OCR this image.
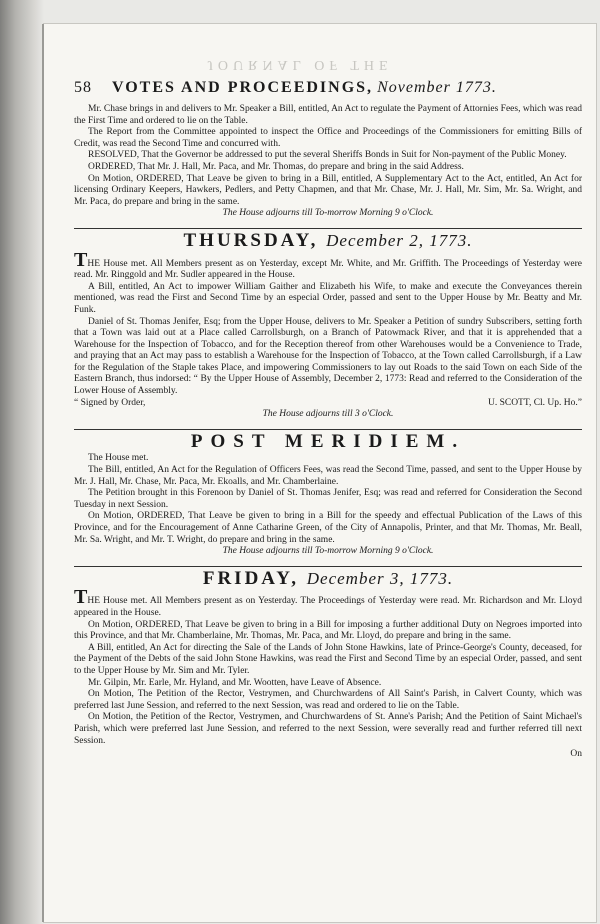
JOURNAL OF THE
58	VOTES AND PROCEEDINGS, November 1773.

Mr. Chase brings in and delivers to Mr. Speaker a Bill, entitled, An Act to regulate the Payment of Attornies Fees, which was read the First Time and ordered to lie on the Table.

The Report from the Committee appointed to inspect the Office and Proceedings of the Commissioners for emitting Bills of Credit, was read the Second Time and concurred with.

RESOLVED, That the Governor be addressed to put the several Sheriffs Bonds in Suit for Non-payment of the Public Money.

ORDERED, That Mr. J. Hall, Mr. Paca, and Mr. Thomas, do prepare and bring in the said Address.

On Motion, ORDERED, That Leave be given to bring in a Bill, entitled, A Supplementary Act to the Act, entitled, An Act for licensing Ordinary Keepers, Hawkers, Pedlers, and Petty Chapmen, and that Mr. Chase, Mr. J. Hall, Mr. Sim, Mr. Sa. Wright, and Mr. Paca, do prepare and bring in the same.

The House adjourns till To-morrow Morning 9 o'Clock.

THURSDAY, December 2, 1773.

THE House met. All Members present as on Yesterday, except Mr. White, and Mr. Griffith. The Proceedings of Yesterday were read. Mr. Ringgold and Mr. Sudler appeared in the House.

A Bill, entitled, An Act to impower William Gaither and Elizabeth his Wife, to make and execute the Conveyances therein mentioned, was read the First and Second Time by an especial Order, passed and sent to the Upper House by Mr. Beatty and Mr. Funk.

Daniel of St. Thomas Jenifer, Esq; from the Upper House, delivers to Mr. Speaker a Petition of sundry Subscribers, setting forth that a Town was laid out at a Place called Carrollsburgh, on a Branch of Patowmack River, and that it is apprehended that a Warehouse for the Inspection of Tobacco, and for the Reception thereof from other Warehouses would be a Convenience to Trade, and praying that an Act may pass to establish a Warehouse for the Inspection of Tobacco, at the Town called Carrollsburgh, if a Law for the Regulation of the Staple takes Place, and impowering Commissioners to lay out Roads to the said Town on each Side of the Eastern Branch, thus indorsed: “ By the Upper House of Assembly, December 2, 1773: Read and referred to the Consideration of the Lower House of Assembly.

“ Signed by Order,	U. SCOTT, Cl. Up. Ho.”

The House adjourns till 3 o'Clock.

POST MERIDIEM.

The House met.

The Bill, entitled, An Act for the Regulation of Officers Fees, was read the Second Time, passed, and sent to the Upper House by Mr. J. Hall, Mr. Chase, Mr. Paca, Mr. Ekoalls, and Mr. Chamberlaine.

The Petition brought in this Forenoon by Daniel of St. Thomas Jenifer, Esq; was read and referred for Consideration the Second Tuesday in next Session.

On Motion, ORDERED, That Leave be given to bring in a Bill for the speedy and effectual Publication of the Laws of this Province, and for the Encouragement of Anne Catharine Green, of the City of Annapolis, Printer, and that Mr. Thomas, Mr. Beall, Mr. Sa. Wright, and Mr. T. Wright, do prepare and bring in the same.

The House adjourns till To-morrow Morning 9 o'Clock.

FRIDAY, December 3, 1773.

THE House met. All Members present as on Yesterday. The Proceedings of Yesterday were read. Mr. Richardson and Mr. Lloyd appeared in the House.

On Motion, ORDERED, That Leave be given to bring in a Bill for imposing a further additional Duty on Negroes imported into this Province, and that Mr. Chamberlaine, Mr. Thomas, Mr. Paca, and Mr. Lloyd, do prepare and bring in the same.

A Bill, entitled, An Act for directing the Sale of the Lands of John Stone Hawkins, late of Prince-George's County, deceased, for the Payment of the Debts of the said John Stone Hawkins, was read the First and Second Time by an especial Order, passed, and sent to the Upper House by Mr. Sim and Mr. Tyler.

Mr. Gilpin, Mr. Earle, Mr. Hyland, and Mr. Wootten, have Leave of Absence.

On Motion, The Petition of the Rector, Vestrymen, and Churchwardens of All Saint's Parish, in Calvert County, which was preferred last June Session, and referred to the next Session, was read and ordered to lie on the Table.

On Motion, the Petition of the Rector, Vestrymen, and Churchwardens of St. Anne's Parish; And the Petition of Saint Michael's Parish, which were preferred last June Session, and referred to the next Session, were severally read and further referred till next Session.

On
